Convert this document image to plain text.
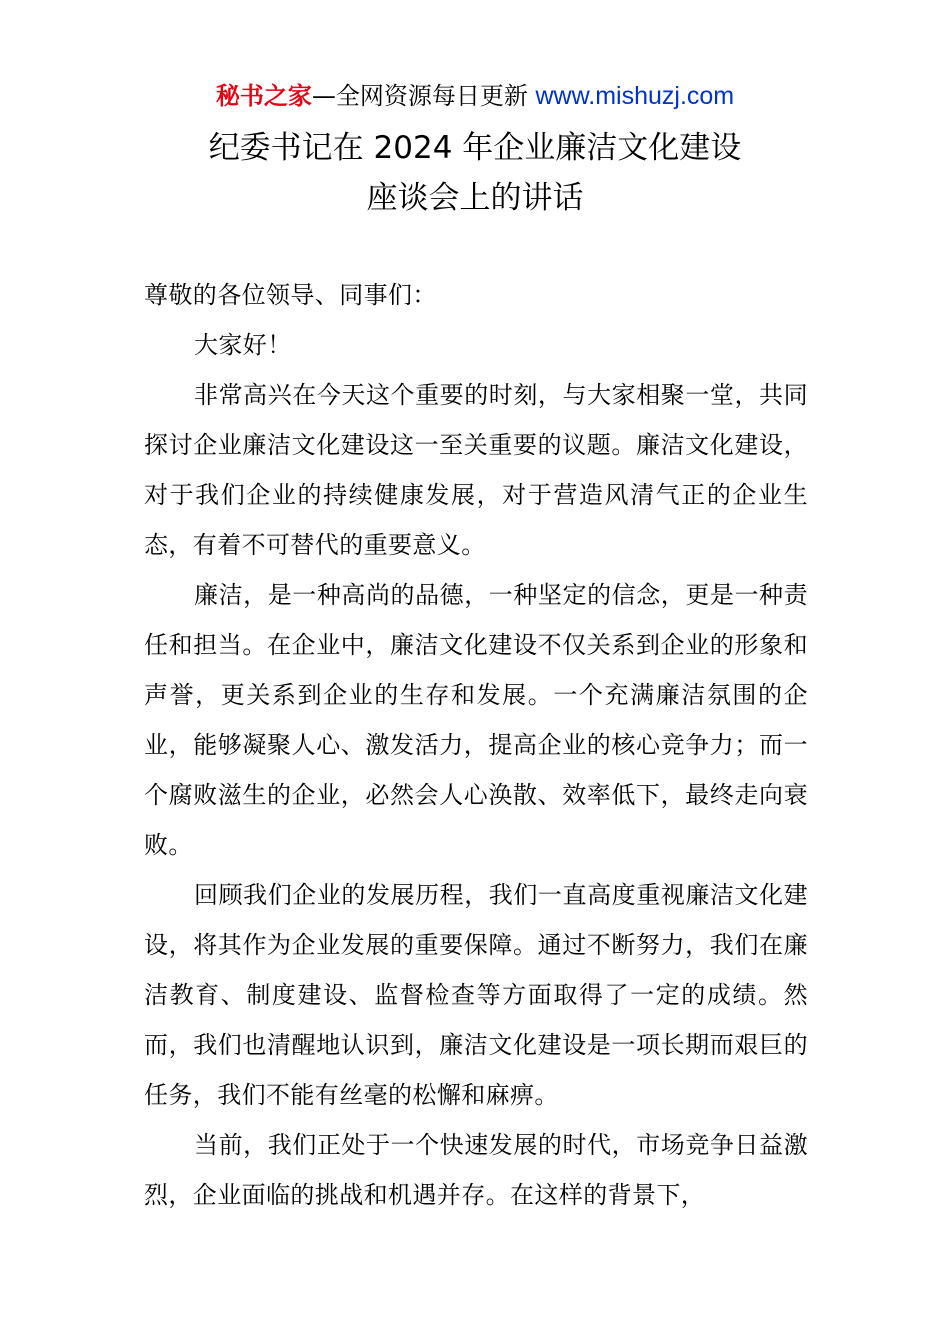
秘书之家—全网资源每日更新 www.mishuzj.com
纪委书记在 2024 年企业廉洁文化建设
座谈会上的讲话

尊敬的各位领导、同事们：

大家好！

非常高兴在今天这个重要的时刻，与大家相聚一堂，共同探讨企业廉洁文化建设这一至关重要的议题。廉洁文化建设，对于我们企业的持续健康发展，对于营造风清气正的企业生态，有着不可替代的重要意义。

廉洁，是一种高尚的品德，一种坚定的信念，更是一种责任和担当。在企业中，廉洁文化建设不仅关系到企业的形象和声誉，更关系到企业的生存和发展。一个充满廉洁氛围的企业，能够凝聚人心、激发活力，提高企业的核心竞争力；而一个腐败滋生的企业，必然会人心涣散、效率低下，最终走向衰败。

回顾我们企业的发展历程，我们一直高度重视廉洁文化建设，将其作为企业发展的重要保障。通过不断努力，我们在廉洁教育、制度建设、监督检查等方面取得了一定的成绩。然而，我们也清醒地认识到，廉洁文化建设是一项长期而艰巨的任务，我们不能有丝毫的松懈和麻痹。

当前，我们正处于一个快速发展的时代，市场竞争日益激烈，企业面临的挑战和机遇并存。在这样的背景下，
